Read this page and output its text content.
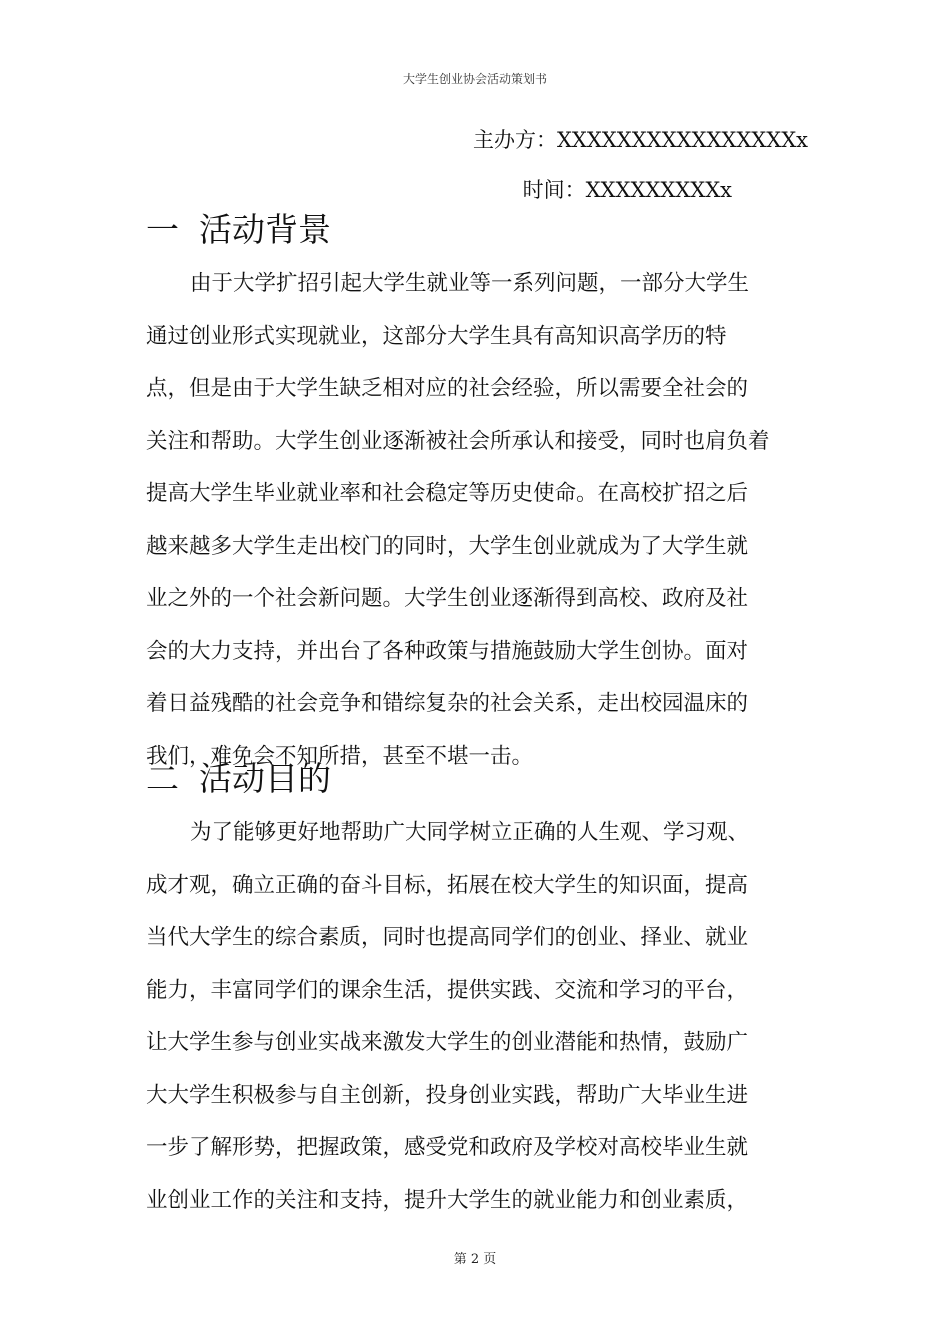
大学生创业协会活动策划书
主办方：XXXXXXXXXXXXXXXXx
时间：XXXXXXXXXx
一 活动背景
由于大学扩招引起大学生就业等一系列问题，一部分大学生
通过创业形式实现就业，这部分大学生具有高知识高学历的特
点，但是由于大学生缺乏相对应的社会经验，所以需要全社会的
关注和帮助。大学生创业逐渐被社会所承认和接受，同时也肩负着
提高大学生毕业就业率和社会稳定等历史使命。在高校扩招之后
越来越多大学生走出校门的同时，大学生创业就成为了大学生就
业之外的一个社会新问题。大学生创业逐渐得到高校、政府及社
会的大力支持，并出台了各种政策与措施鼓励大学生创协。面对
着日益残酷的社会竞争和错综复杂的社会关系，走出校园温床的
我们，难免会不知所措，甚至不堪一击。
二 活动目的
为了能够更好地帮助广大同学树立正确的人生观、学习观、
成才观，确立正确的奋斗目标，拓展在校大学生的知识面，提高
当代大学生的综合素质，同时也提高同学们的创业、择业、就业
能力，丰富同学们的课余生活，提供实践、交流和学习的平台，
让大学生参与创业实战来激发大学生的创业潜能和热情，鼓励广
大大学生积极参与自主创新，投身创业实践，帮助广大毕业生进
一步了解形势，把握政策，感受党和政府及学校对高校毕业生就
业创业工作的关注和支持，提升大学生的就业能力和创业素质，
第 2 页
